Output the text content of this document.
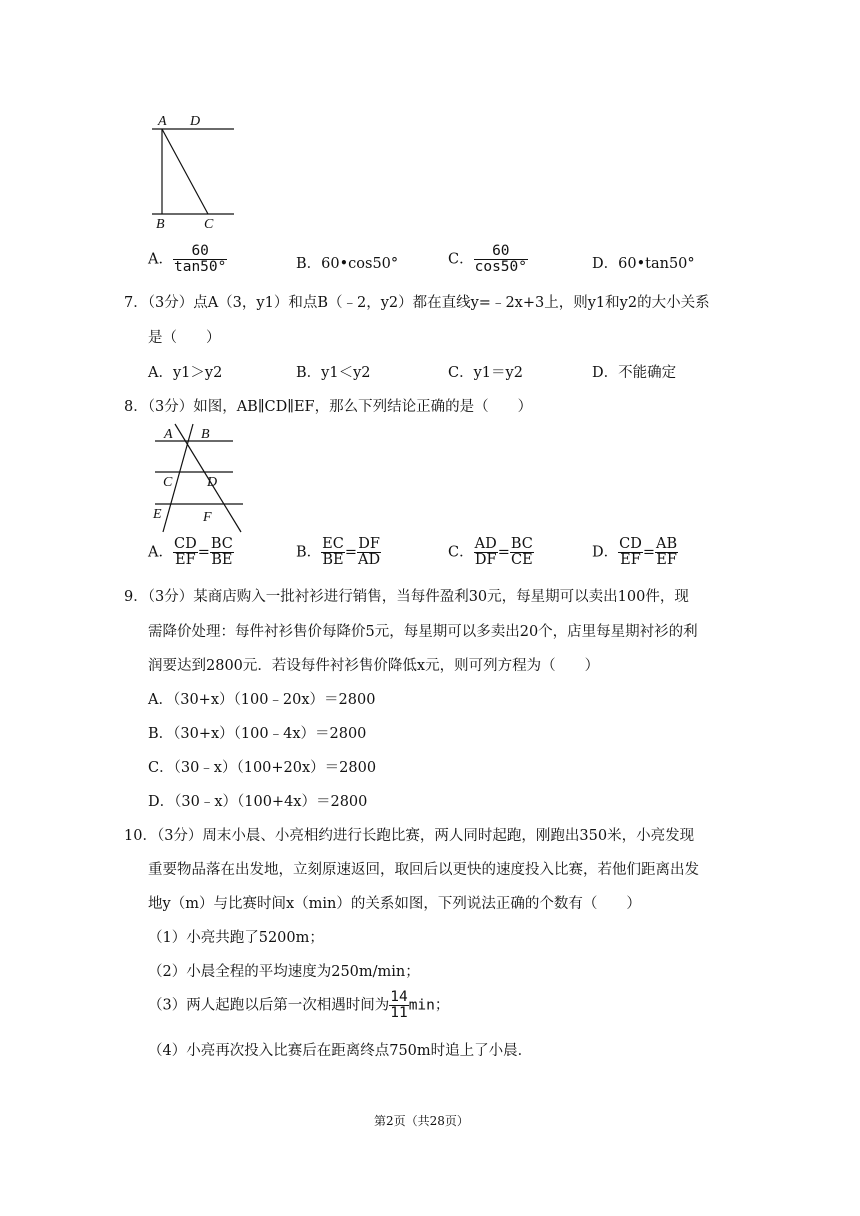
A D
B	C
A． $\frac{60}{\tan 50^\circ}$	B．60•cos50°	C． $\frac{60}{\cos 50^\circ}$	D．60•tan50°
7．（3分）点A（3，y1）和点B（﹣2，y2）都在直线y=﹣2x+3上，则y1和y2的大小关系
是（　　）
A．y1＞y2	B．y1＜y2	C．y1＝y2	D．不能确定
8．（3分）如图，AB∥CD∥EF，那么下列结论正确的是（　　）
A B
C D
E	F
A． $\frac{CD}{EF} = \frac{BC}{BE}$	B． $\frac{EC}{BE} = \frac{DF}{AD}$	C． $\frac{AD}{DF} = \frac{BC}{CE}$	D． $\frac{CD}{EF} = \frac{AB}{EF}$
9．（3分）某商店购入一批衬衫进行销售，当每件盈利30元，每星期可以卖出100件，现
需降价处理：每件衬衫售价每降价5元，每星期可以多卖出20个，店里每星期衬衫的利
润要达到2800元．若设每件衬衫售价降低x元，则可列方程为（　　）
A．（30+x）（100﹣20x）＝2800
B．（30+x）（100﹣4x）＝2800
C．（30﹣x）（100+20x）＝2800
D．（30﹣x）（100+4x）＝2800
10．（3分）周末小晨、小亮相约进行长跑比赛，两人同时起跑，刚跑出350米，小亮发现
重要物品落在出发地，立刻原速返回，取回后以更快的速度投入比赛，若他们距离出发
地y（m）与比赛时间x（min）的关系如图，下列说法正确的个数有（　　）
（1）小亮共跑了5200m；
（2）小晨全程的平均速度为250m/min；
（3）两人起跑以后第一次相遇时间为 $\frac{14}{11}$ min；
（4）小亮再次投入比赛后在距离终点750m时追上了小晨．
第2页（共28页）
